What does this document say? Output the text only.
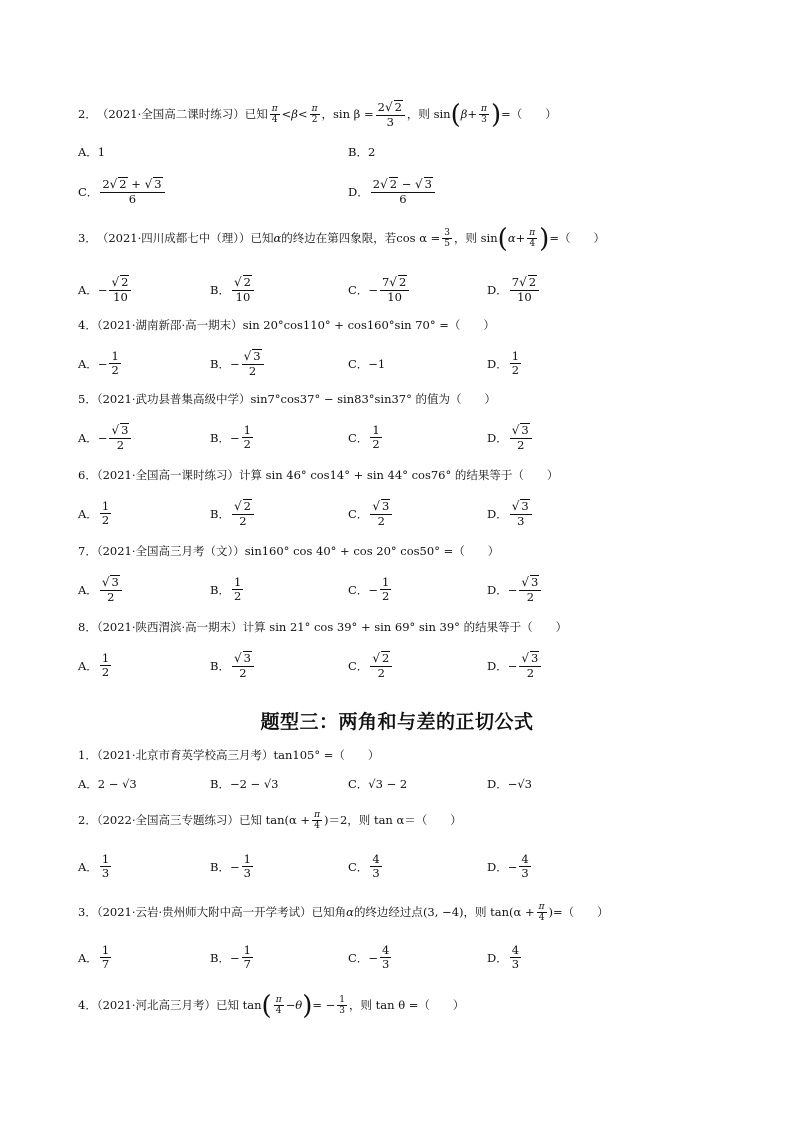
2． （2021·全国高二课时练习）已知 π
4 <β< π
2 ，$\sin \beta = \frac{2√ 2}{3}$ ，则 sin ( β + π
3 ) =（　　）
A．1	B．2
C．
2√ 2 + √ 3
6	D．
2√ 2 − √ 3
6
3． （2021·四川成都七中（理））已知 α 的终边在第四象限，若 $\cos \alpha = \frac{3}{5}$ ，则 sin ( α + π
4 ) =（　　）
A． −
√ 2
10	B．
√ 2
10	C． −
7√ 2
10	D．
7√ 2
10
4．（2021·湖南新邵·高一期末）sin 20°cos110° + cos160°sin 70° =（　　）
A． −
1
2	B． −
√ 3
2	C．−1	D．
1
2
5．（2021·武功县普集高级中学）sin7°cos37° − sin83°sin37° 的值为（　　）
A． −
√ 3
2	B． −
1
2	C．
1
2	D．
√ 3
2
6．（2021·全国高一课时练习）计算 sin 46° cos14° + sin 44° cos76° 的结果等于（　　）
A．
1
2	B．
√ 2
2	C．
√ 3
2	D．
√ 3
3
7．（2021·全国高三月考（文））sin160° cos 40° + cos 20° cos50° =（　　）
A．
√ 3
2	B．
1
2	C． −
1
2	D． −
√ 3
2
8．（2021·陕西渭滨·高一期末）计算 sin 21° cos 39° + sin 69° sin 39° 的结果等于（　　）
A．
1
2	B．
√ 3
2	C．
√ 2
2	D． −
√ 3
2
题型三：两角和与差的正切公式
1．（2021·北京市育英学校高三月考）tan105° =（　　）
A．2 − √3	B．−2 − √3	C．√3 − 2	D．−√3
2．（2022·全国高三专题练习）已知 $\tan(\alpha + \frac{\pi}{4} )=2$，则 tan α＝（　　）
A．
1
3	B． −
1
3	C．
4
3	D． −
4
3
3．（2021·云岩·贵州师大附中高一开学考试）已知角 α 的终边经过点 (3, −4) ，则 $\tan(\alpha + \frac{\pi}{4}$ )=（　　）
A．
1
7	B． −
1
7	C． −
4
3	D．
4
3
4．（2021·河北高三月考）已知 tan ( π
4 − θ ) = − $\frac{1}{3}$ ，则 tan θ =（　　）
